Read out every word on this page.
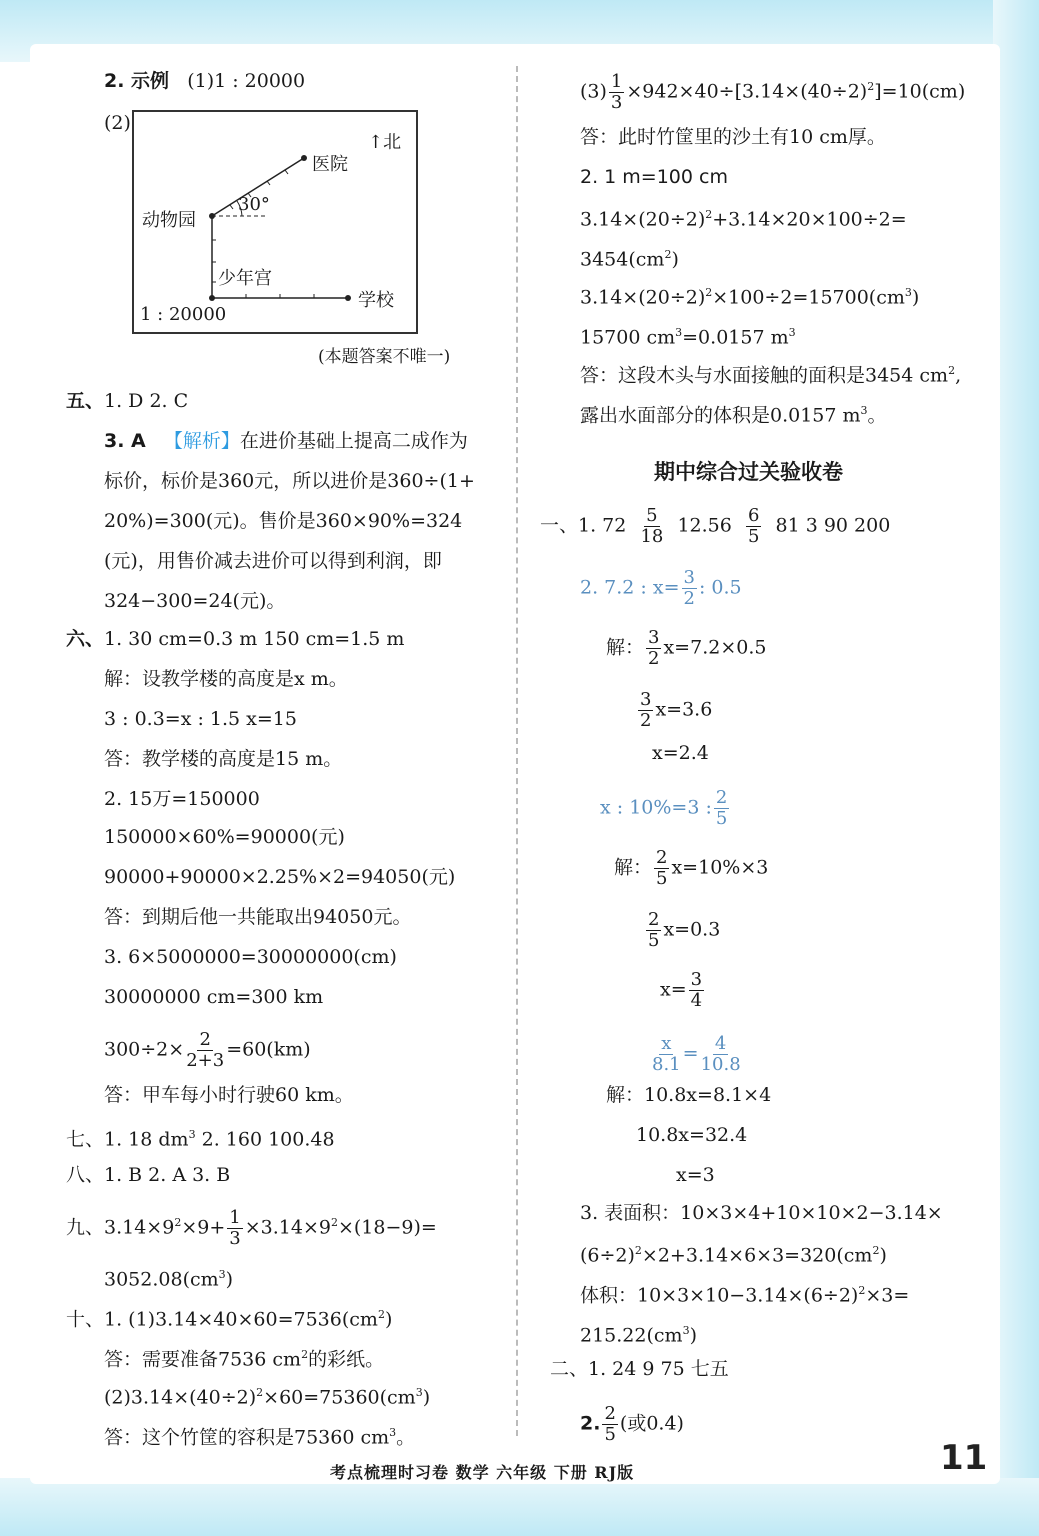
2. 示例 (1)1 : 20000
(2)
↑北
医院
动物园
30°
少年宫
学校
1 : 20000
(本题答案不唯一)
五、1. D 2. C
3. A 【解析】在进价基础上提高二成作为
标价，标价是360元，所以进价是360÷(1+
20%)=300(元)。售价是360×90%=324
(元)，用售价减去进价可以得到利润，即
324−300=24(元)。
六、1. 30 cm=0.3 m 150 cm=1.5 m
解：设教学楼的高度是x m。
3 : 0.3=x : 1.5 x=15
答：教学楼的高度是15 m。
2. 15万=150000
150000×60%=90000(元)
90000+90000×2.25%×2=94050(元)
答：到期后他一共能取出94050元。
3. 6×5000000=30000000(cm)
30000000 cm=300 km
$300\div 2\times \frac{2}{2+3} =60(km)$
答：甲车每小时行驶60 km。
七、1. 18 $dm^3$ 2. 160 100.48
八、1. B 2. A 3. B
九、$3.14\times 9^2\times 9+ \frac{1}{3} \times 3.14\times 9^2\times(18-9)=$
$3052.08(cm^3)$
十、1. $(1)3.14\times 40\times 60=7536(cm^2)$
答：需要准备7536 $cm^2$的彩纸。
$(2)3.14\times(40\div 2)^2\times 60=75360(cm^3)$
答：这个竹筐的容积是75360 $cm^3$。
$(3) \frac{1}{3} \times 942\times 40\div[3.14\times(40\div 2)^2]=10(cm)$
答：此时竹筐里的沙土有10 cm厚。
2. 1 m=100 cm
$3.14\times(20\div 2)^2+3.14\times 20\times 100\div 2=$
$3454(cm^2)$
$3.14\times(20\div 2)^2\times 100\div 2=15700(cm^3)$
15700 $cm^3=0.0157$ $m^3$
答：这段木头与水面接触的面积是3454 $cm^2$,
露出水面部分的体积是0.0157 $m^3$。
期中综合过关验收卷
一、1. $72 \frac{5}{18} 12.56 \frac{6}{5} 81$ 3 90 200
2. 7.2 : $x= \frac{3}{2}$ : 0.5
解： $\frac{3}{2} x=7.2\times 0.5$
$\frac{3}{2} x=3.6$
x=2.4
x : 10%=3 : $\frac{2}{5}$
解： $\frac{2}{5} x=10\%\times 3$
$\frac{2}{5} x=0.3$
$x= \frac{3}{4}$
$\frac{x}{8.1} = \frac{4}{10.8}$
解：10.8x=8.1×4
10.8x=32.4
x=3
3. 表面积：10×3×4+10×10×2−3.14×
$(6\div 2)^2\times 2+3.14\times 6\times 3=320(cm^2)$
体积：$10\times 3\times 10-3.14\times(6\div 2)^2\times 3=$
$215.22(cm^3)$
二、1. 24 9 75 七五
2. $\frac{2}{5}$ (或0.4)
考点梳理时习卷 数学 六年级 下册 RJ版	11
